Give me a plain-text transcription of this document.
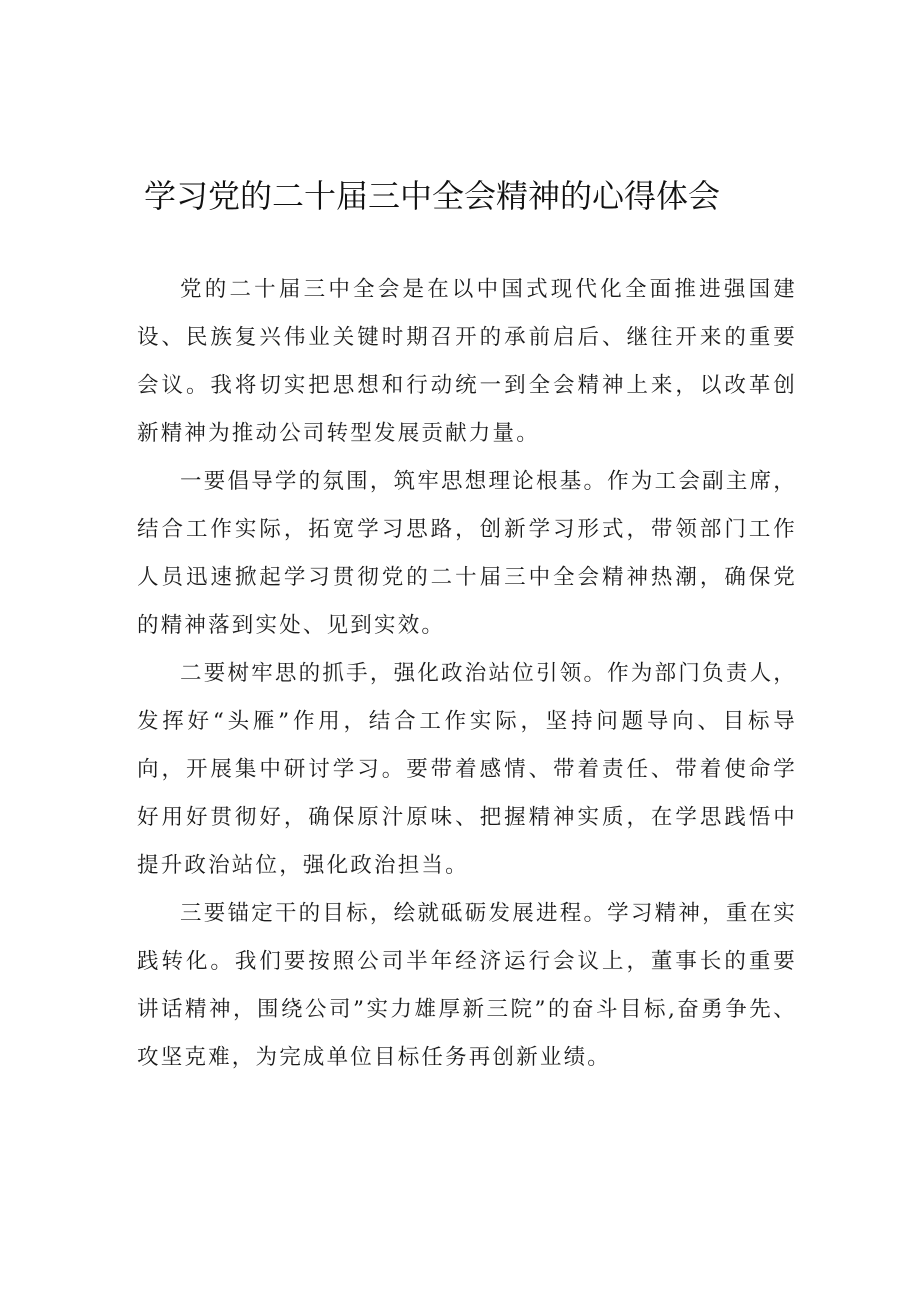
学习党的二十届三中全会精神的心得体会

党的二十届三中全会是在以中国式现代化全面推进强国建设、民族复兴伟业关键时期召开的承前启后、继往开来的重要会议。我将切实把思想和行动统一到全会精神上来，以改革创新精神为推动公司转型发展贡献力量。

一要倡导学的氛围，筑牢思想理论根基。作为工会副主席，结合工作实际，拓宽学习思路，创新学习形式，带领部门工作人员迅速掀起学习贯彻党的二十届三中全会精神热潮，确保党的精神落到实处、见到实效。

二要树牢思的抓手，强化政治站位引领。作为部门负责人，发挥好“头雁”作用，结合工作实际，坚持问题导向、目标导向，开展集中研讨学习。要带着感情、带着责任、带着使命学好用好贯彻好，确保原汁原味、把握精神实质，在学思践悟中提升政治站位，强化政治担当。

三要锚定干的目标，绘就砥砺发展进程。学习精神，重在实践转化。我们要按照公司半年经济运行会议上，董事长的重要讲话精神，围绕公司”实力雄厚新三院”的奋斗目标,奋勇争先、攻坚克难，为完成单位目标任务再创新业绩。
